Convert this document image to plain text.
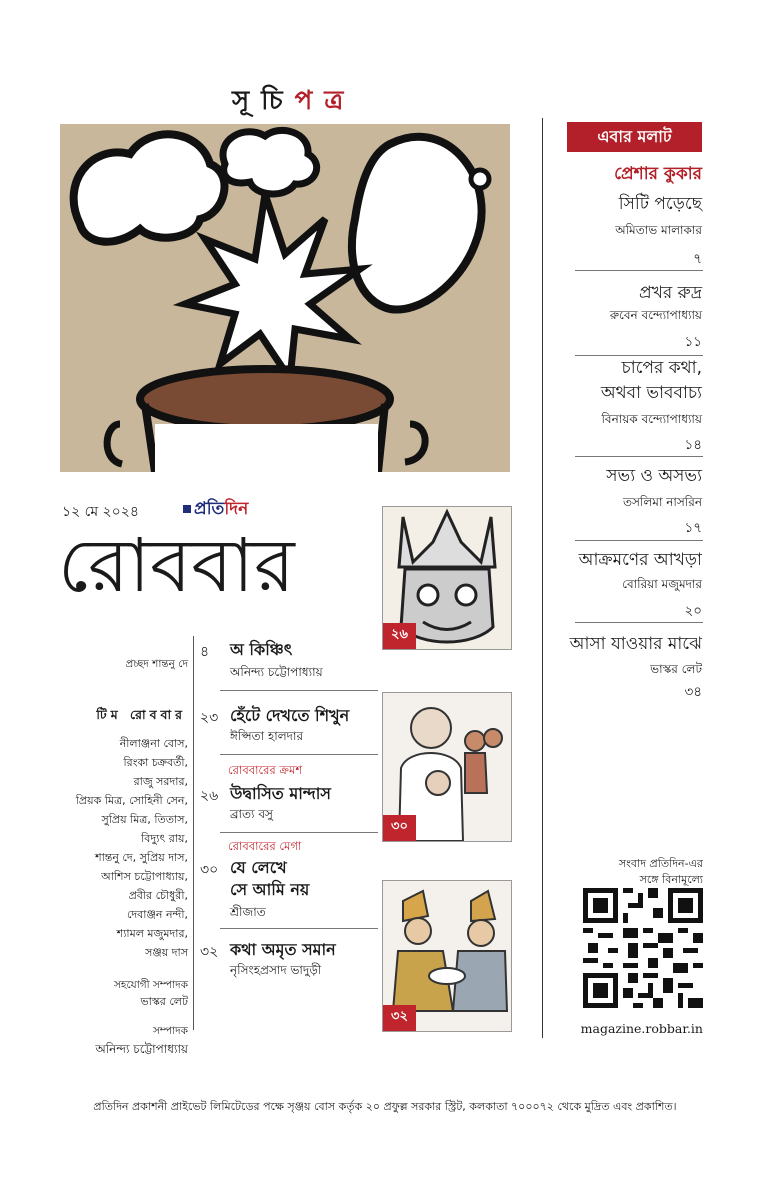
সূচিপত্র
১২ মে ২০২৪	প্রতিদিন
রোববার
২৬
৩০
৩২
প্রচ্ছদ শান্তনু দে
টিম রোববার
নীলাঞ্জনা বোস,
রিংকা চক্রবর্তী,
রাজু সরদার,
প্রিয়ক মিত্র, সোহিনী সেন,
সুপ্রিয় মিত্র, তিতাস,
বিদ্যুৎ রায়,
শান্তনু দে, সুপ্রিয় দাস,
আশিস চট্টোপাধ্যায়,
প্রবীর চৌধুরী,
দেবাঞ্জন নন্দী,
শ্যামল মজুমদার,
সঞ্জয় দাস
সহযোগী সম্পাদক
ভাস্কর লেট
সম্পাদক
অনিন্দ্য চট্টোপাধ্যায়
৪ অ কিঞ্চিৎ
অনিন্দ্য চট্টোপাধ্যায়
২৩ হেঁটে দেখতে শিখুন
ঈপ্সিতা হালদার
রোববারের ক্রমশ
২৬ উদ্বাসিত মান্দাস
ব্রাত্য বসু
রোববারের মেগা
৩০ যে লেখে
সে আমি নয়
শ্রীজাত
৩২ কথা অমৃত সমান
নৃসিংহপ্রসাদ ভাদুড়ী
এবার মলাট
প্রেশার কুকার
সিটি পড়েছে
অমিতাভ মালাকার
৭
প্রখর রুদ্র
রুবেন বন্দ্যোপাধ্যায়
১১
চাপের কথা,
অথবা ভাববাচ্য
বিনায়ক বন্দ্যোপাধ্যায়
১৪
সভ্য ও অসভ্য
তসলিমা নাসরিন
১৭
আক্রমণের আখড়া
বোরিয়া মজুমদার
২০
আসা যাওয়ার মাঝে
ভাস্কর লেট
৩৪
সংবাদ প্রতিদিন-এর
সঙ্গে বিনামূল্যে
magazine.robbar.in
প্রতিদিন প্রকাশনী প্রাইভেট লিমিটেডের পক্ষে সৃঞ্জয় বোস কর্তৃক ২০ প্রফুল্ল সরকার স্ট্রিট, কলকাতা ৭০০০৭২ থেকে মুদ্রিত এবং প্রকাশিত।
